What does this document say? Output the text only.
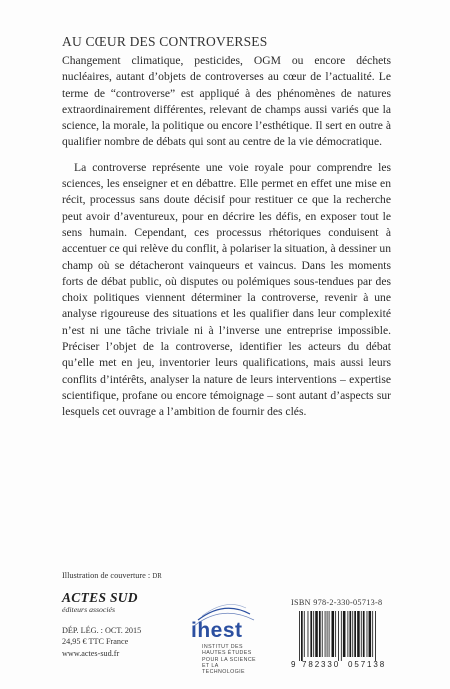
AU CŒUR DES CONTROVERSES

Changement climatique, pesticides, OGM ou encore déchets nucléaires, autant d’objets de controverses au cœur de l’actualité. Le terme de “controverse” est appliqué à des phénomènes de natures extraordinairement différentes, relevant de champs aussi variés que la science, la morale, la politique ou encore l’esthétique. Il sert en outre à qualifier nombre de débats qui sont au centre de la vie démocratique.

La controverse représente une voie royale pour comprendre les sciences, les enseigner et en débattre. Elle permet en effet une mise en récit, processus sans doute décisif pour restituer ce que la recherche peut avoir d’aventureux, pour en décrire les défis, en exposer tout le sens humain. Cependant, ces processus rhétoriques conduisent à accentuer ce qui relève du conflit, à polariser la situation, à dessiner un champ où se détacheront vainqueurs et vaincus. Dans les moments forts de débat public, où disputes ou polémiques sous-tendues par des choix politiques viennent déterminer la controverse, revenir à une analyse rigoureuse des situations et les qualifier dans leur complexité n’est ni une tâche triviale ni à l’inverse une entreprise impossible. Préciser l’objet de la controverse, identifier les acteurs du débat qu’elle met en jeu, inventorier leurs qualifications, mais aussi leurs conflits d’intérêts, analyser la nature de leurs interventions – expertise scientifique, profane ou encore témoignage – sont autant d’aspects sur lesquels cet ouvrage a l’ambition de fournir des clés.

Illustration de couverture : DR
ACTES SUD
éditeurs associés
DÉP. LÉG. : OCT. 2015
24,95 € TTC France
www.actes-sud.fr
ihest
INSTITUT DES
HAUTES ÉTUDES
POUR LA SCIENCE
ET LA TECHNOLOGIE
ISBN 978-2-330-05713-8
9 782330 057138
